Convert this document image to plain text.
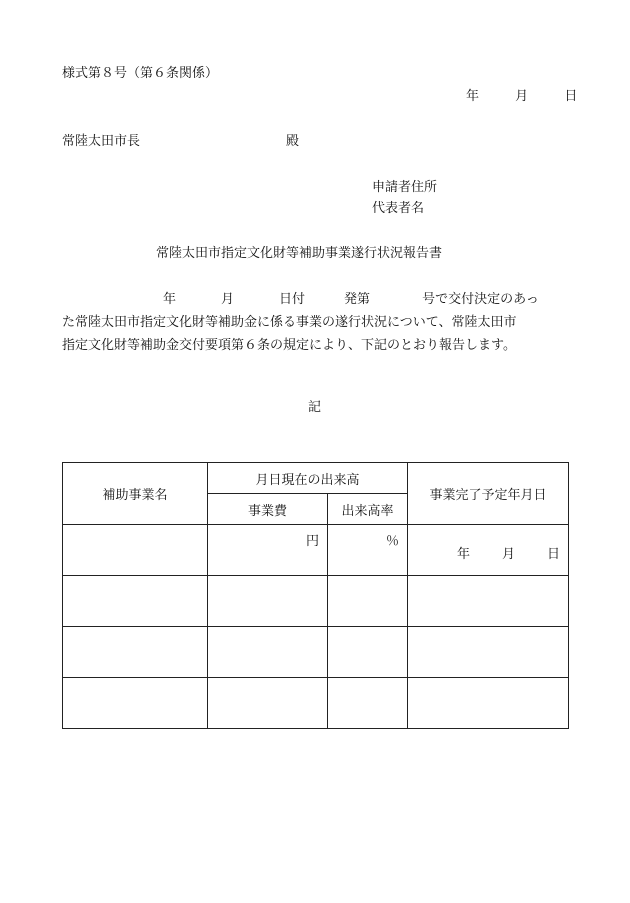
様式第８号（第６条関係）
年	月	日
常陸太田市長	殿
申請者住所
代表者名
常陸太田市指定文化財等補助事業遂行状況報告書
年	月	日付	発第	号で交付決定のあっ
た常陸太田市指定文化財等補助金に係る事業の遂行状況について、常陸太田市
指定文化財等補助金交付要項第６条の規定により、下記のとおり報告します。
記
補助事業名	月日現在の出来高		事業完了予定年月日
	事業費	出来高率	

	円	％	年 月 日
